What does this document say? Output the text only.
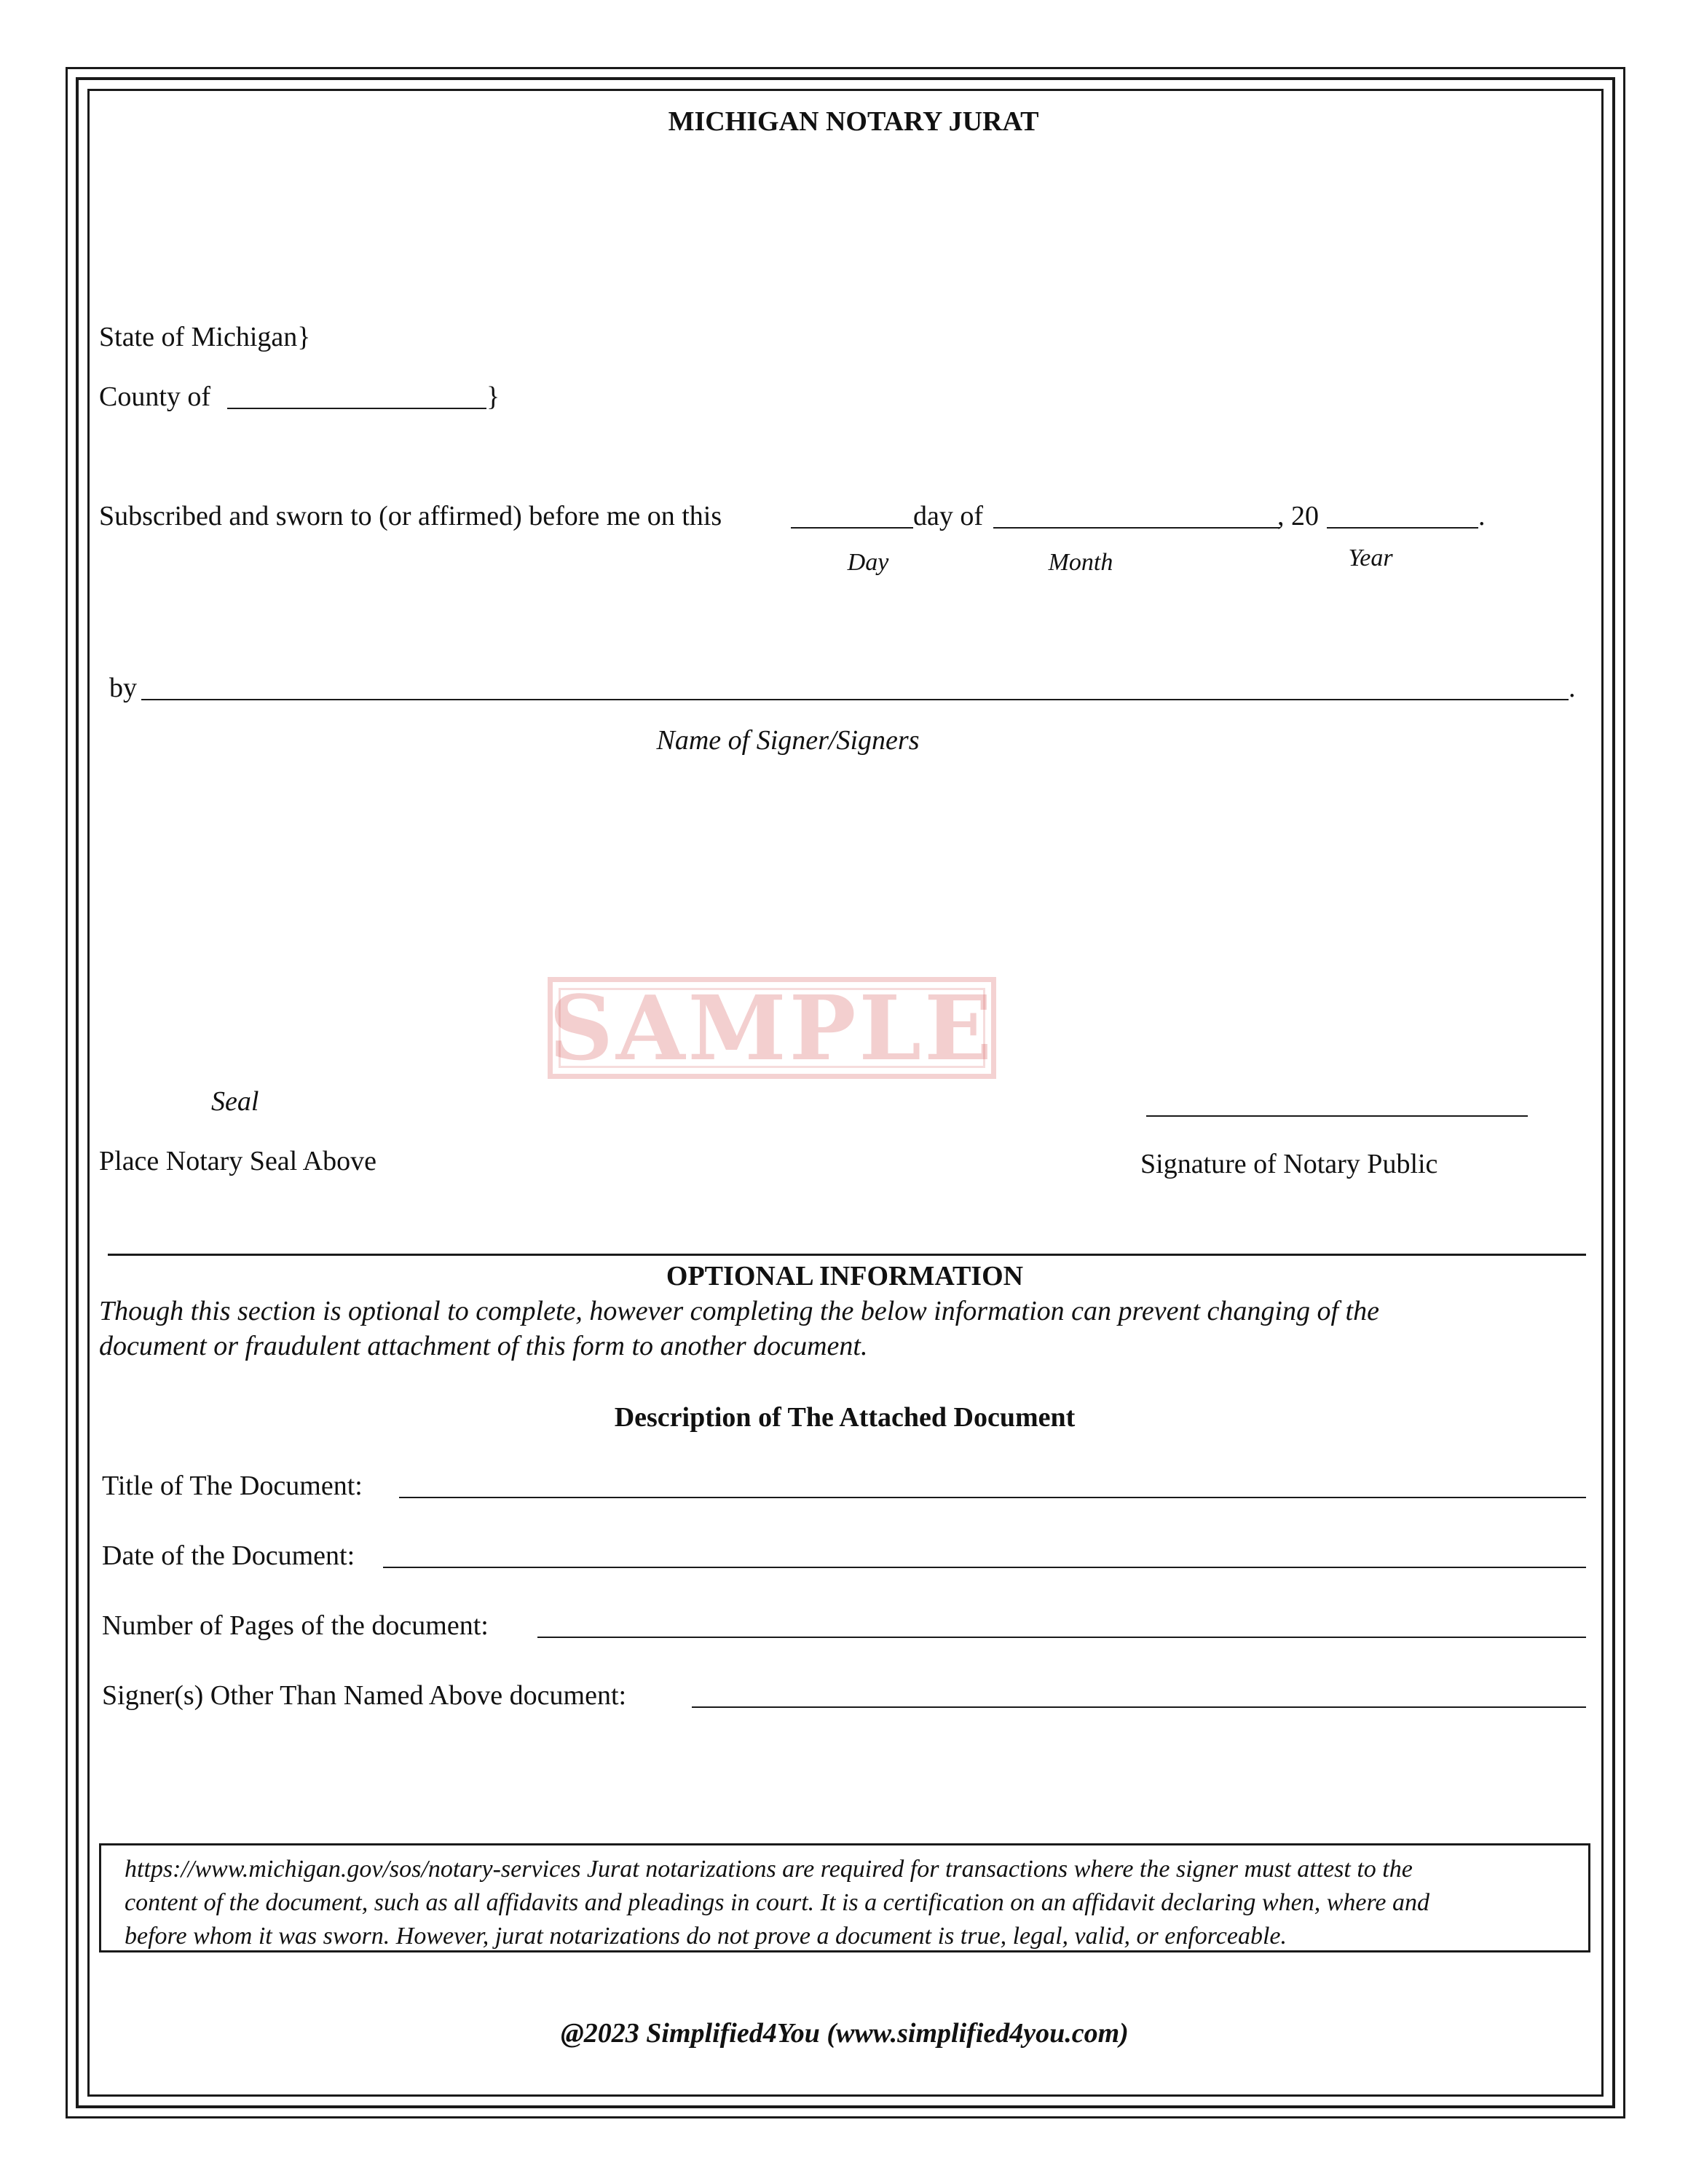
MICHIGAN NOTARY JURAT
State of Michigan}
County of	}
Subscribed and sworn to (or affirmed) before me on this	day of	, 20	.
Day	Month	Year
by	.
Name of Signer/Signers
SAMPLE
Seal
Place Notary Seal Above	Signature of Notary Public
OPTIONAL INFORMATION
Though this section is optional to complete, however completing the below information can prevent changing of the
document or fraudulent attachment of this form to another document.
Description of The Attached Document
Title of The Document:
Date of the Document:
Number of Pages of the document:
Signer(s) Other Than Named Above document:
https://www.michigan.gov/sos/notary-services Jurat notarizations are required for transactions where the signer must attest to the
content of the document, such as all affidavits and pleadings in court. It is a certification on an affidavit declaring when, where and
before whom it was sworn. However, jurat notarizations do not prove a document is true, legal, valid, or enforceable.
@2023 Simplified4You (www.simplified4you.com)
